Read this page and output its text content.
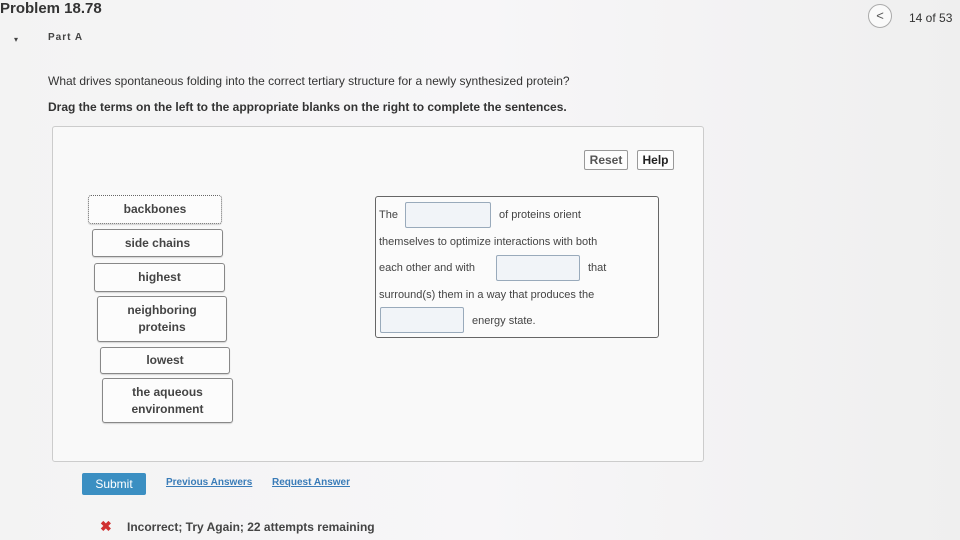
Problem 18.78	<	14 of 53
▾	Part A
What drives spontaneous folding into the correct tertiary structure for a newly synthesized protein?
Drag the terms on the left to the appropriate blanks on the right to complete the sentences.
Reset	Help
backbones
side chains
highest
neighboring
proteins
lowest
the aqueous
environment
The	of proteins orient
themselves to optimize interactions with both
each other and with	that
surround(s) them in a way that produces the
energy state.
Submit	Previous Answers Request Answer
✖ Incorrect; Try Again; 22 attempts remaining
